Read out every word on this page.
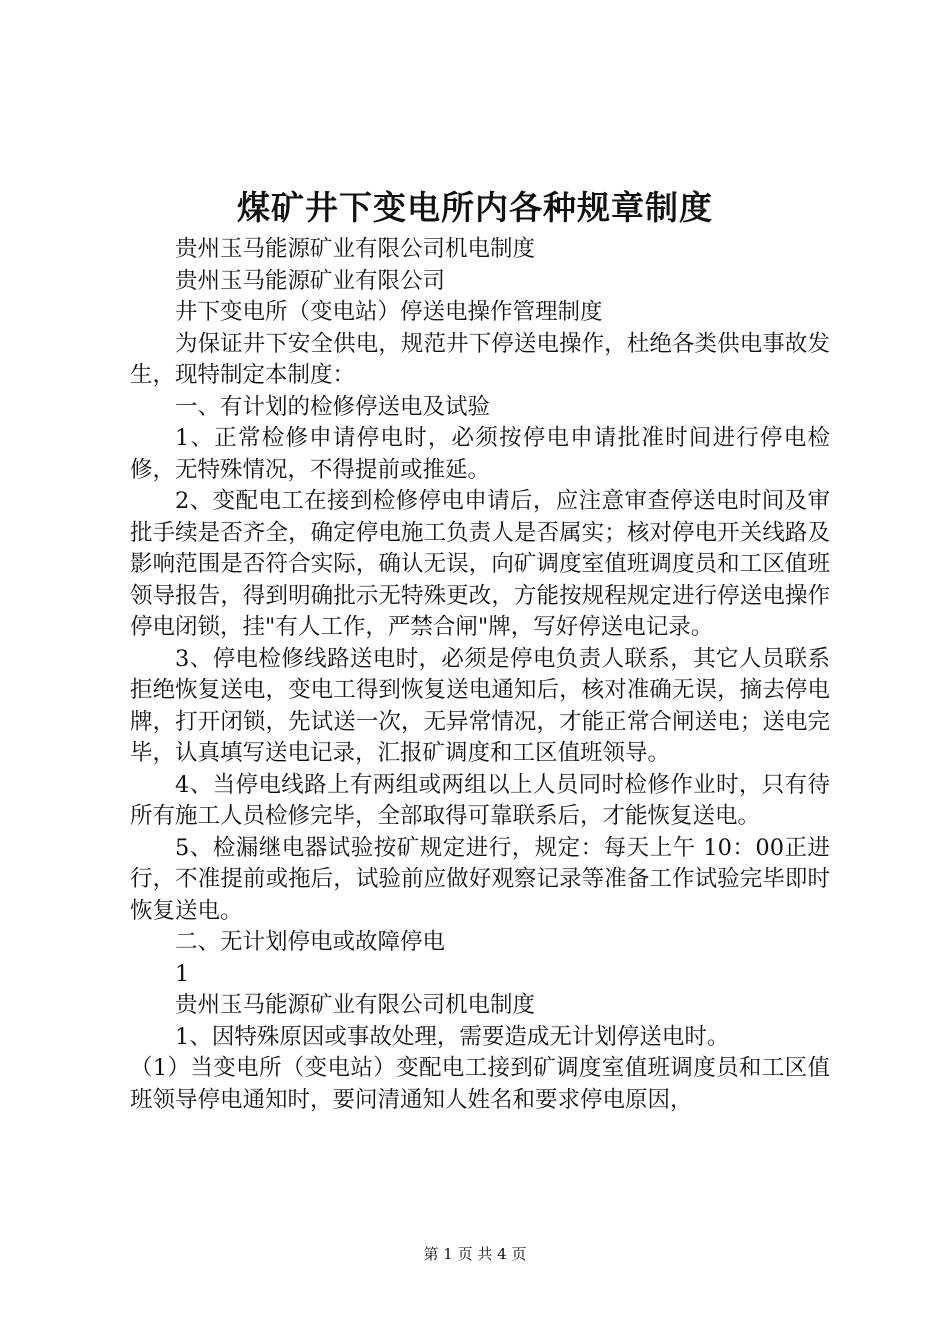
煤矿井下变电所内各种规章制度

贵州玉马能源矿业有限公司机电制度

贵州玉马能源矿业有限公司

井下变电所（变电站）停送电操作管理制度

为保证井下安全供电，规范井下停送电操作，杜绝各类供电事故发生，现特制定本制度：

一、有计划的检修停送电及试验

1、正常检修申请停电时，必须按停电申请批准时间进行停电检修，无特殊情况，不得提前或推延。

2、变配电工在接到检修停电申请后，应注意审查停送电时间及审批手续是否齐全，确定停电施工负责人是否属实；核对停电开关线路及影响范围是否符合实际，确认无误，向矿调度室值班调度员和工区值班领导报告，得到明确批示无特殊更改，方能按规程规定进行停送电操作停电闭锁，挂"有人工作，严禁合闸"牌，写好停送电记录。

3、停电检修线路送电时，必须是停电负责人联系，其它人员联系拒绝恢复送电，变电工得到恢复送电通知后，核对准确无误，摘去停电牌，打开闭锁，先试送一次，无异常情况，才能正常合闸送电；送电完毕，认真填写送电记录，汇报矿调度和工区值班领导。

4、当停电线路上有两组或两组以上人员同时检修作业时，只有待所有施工人员检修完毕，全部取得可靠联系后，才能恢复送电。

5、检漏继电器试验按矿规定进行，规定：每天上午 10：00正进行，不准提前或拖后，试验前应做好观察记录等准备工作试验完毕即时恢复送电。

二、无计划停电或故障停电

1

贵州玉马能源矿业有限公司机电制度

1、因特殊原因或事故处理，需要造成无计划停送电时。

（1）当变电所（变电站）变配电工接到矿调度室值班调度员和工区值班领导停电通知时，要问清通知人姓名和要求停电原因，

第 1 页 共 4 页
